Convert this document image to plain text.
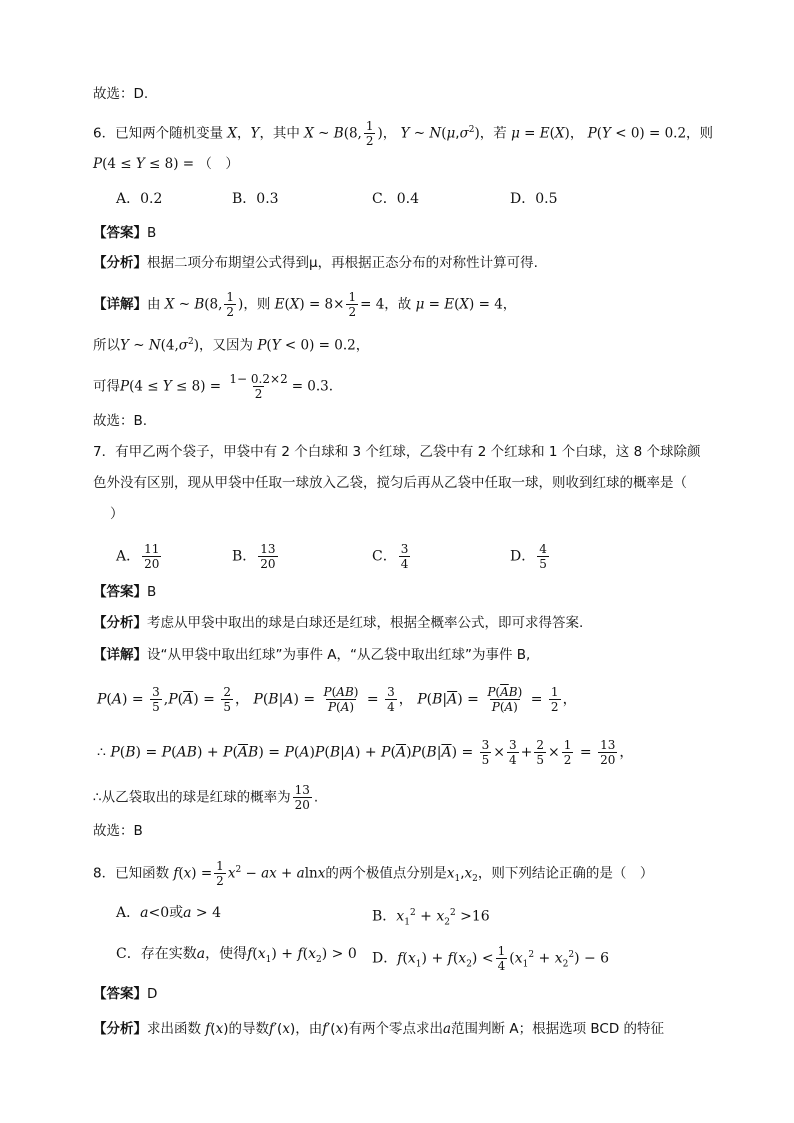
故选：D.
6．已知两个随机变量 X，Y，其中 X ~ B(8, $\frac{1}{2}$ )， Y ~ $N(\mu,\sigma^2)$，若 μ = E(X)， P(Y < 0) = 0.2，则
P(4 ≤ Y ≤ 8) = （　）
A．0.2	B．0.3	C．0.4	D．0.5
【答案】B
【分析】根据二项分布期望公式得到μ，再根据正态分布的对称性计算可得.
【详解】由 X ~ B(8, $\frac{1}{2}$ )，则 $E(X) = 8\times \frac{1}{2} = 4$，故 μ = E(X) = 4，
所以Y ~ $N(4,\sigma^2)$，又因为 P(Y < 0) = 0.2，
可得$P(4 \le Y \le 8) = \frac{1- 0.2\times 2}{2} = 0.3$.
故选：B.
7．有甲乙两个袋子，甲袋中有 2 个白球和 3 个红球，乙袋中有 2 个红球和 1 个白球，这 8 个球除颜
色外没有区别，现从甲袋中任取一球放入乙袋，搅匀后再从乙袋中任取一球，则收到红球的概率是（
）
A． $\frac{11}{20}$	B． $\frac{13}{20}$	C． $\frac{3}{4}$	D． $\frac{4}{5}$
【答案】B
【分析】考虑从甲袋中取出的球是白球还是红球，根据全概率公式，即可求得答案.
【详解】设“从甲袋中取出红球”为事件 A，“从乙袋中取出红球”为事件 B,
$P(A) = \frac{3}{5} ,P(\overline{A}) = \frac{2}{5}$ ， $P(B|A) = \frac{P(AB)}{P(A)} = \frac{3}{4}$ ， $P(B|\overline{A}) = \frac{P(\overline{A}B)}{P(\overline{A})} = \frac{1}{2}$ ，
∴ $P(B) = P(AB) + P(\overline{A}B) = P(A)P(B|A) + P(\overline{A})P(B|\overline{A}) = \frac{3}{5} \times \frac{3}{4} + \frac{2}{5} \times \frac{1}{2} = \frac{13}{20}$ ，
∴从乙袋取出的球是红球的概率为 $\frac{13}{20}$ .
故选：B
8．已知函数 $f(x) = \frac{1}{2} x^2$ − ax + alnx的两个极值点分别是$x_1,x_2$，则下列结论正确的是（　）
A．a<0或a > 4	B．$x_1^2 + x_2^2 >16$
C．存在实数a，使得$f(x_1) + f(x_2) > 0$ D．$f(x_1) + f(x_2) < \frac{1}{4} (x_1^2 + x_2^2) - 6$
【答案】D
【分析】求出函数 f(x)的导数f′(x)，由f′(x)有两个零点求出a范围判断 A；根据选项 BCD 的特征
